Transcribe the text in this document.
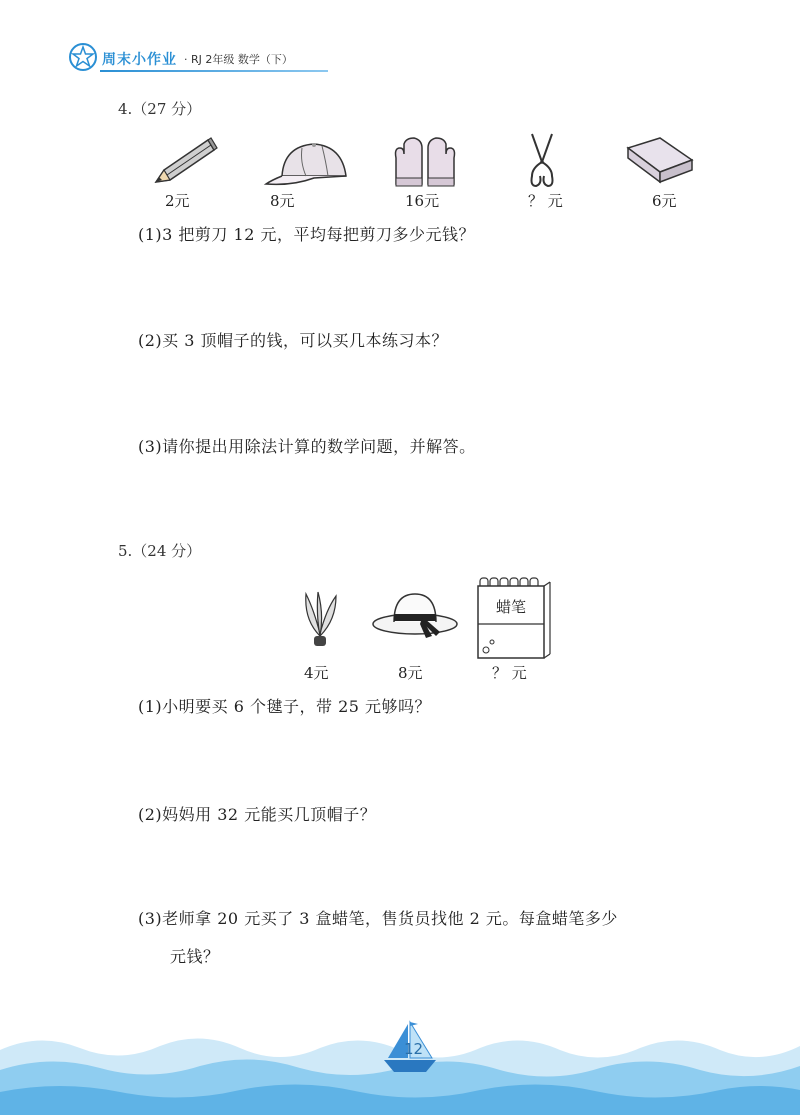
周末小作业 · RJ 2年级 数学（下）
4.（27 分）
2元	8元	16元	？ 元	6元
(1)3 把剪刀 12 元，平均每把剪刀多少元钱？
(2)买 3 顶帽子的钱，可以买几本练习本？
(3)请你提出用除法计算的数学问题，并解答。
5.（24 分）
4元	8元
蜡笔
？ 元
(1)小明要买 6 个毽子，带 25 元够吗？
(2)妈妈用 32 元能买几顶帽子？
(3)老师拿 20 元买了 3 盒蜡笔，售货员找他 2 元。每盒蜡笔多少
元钱？
12
